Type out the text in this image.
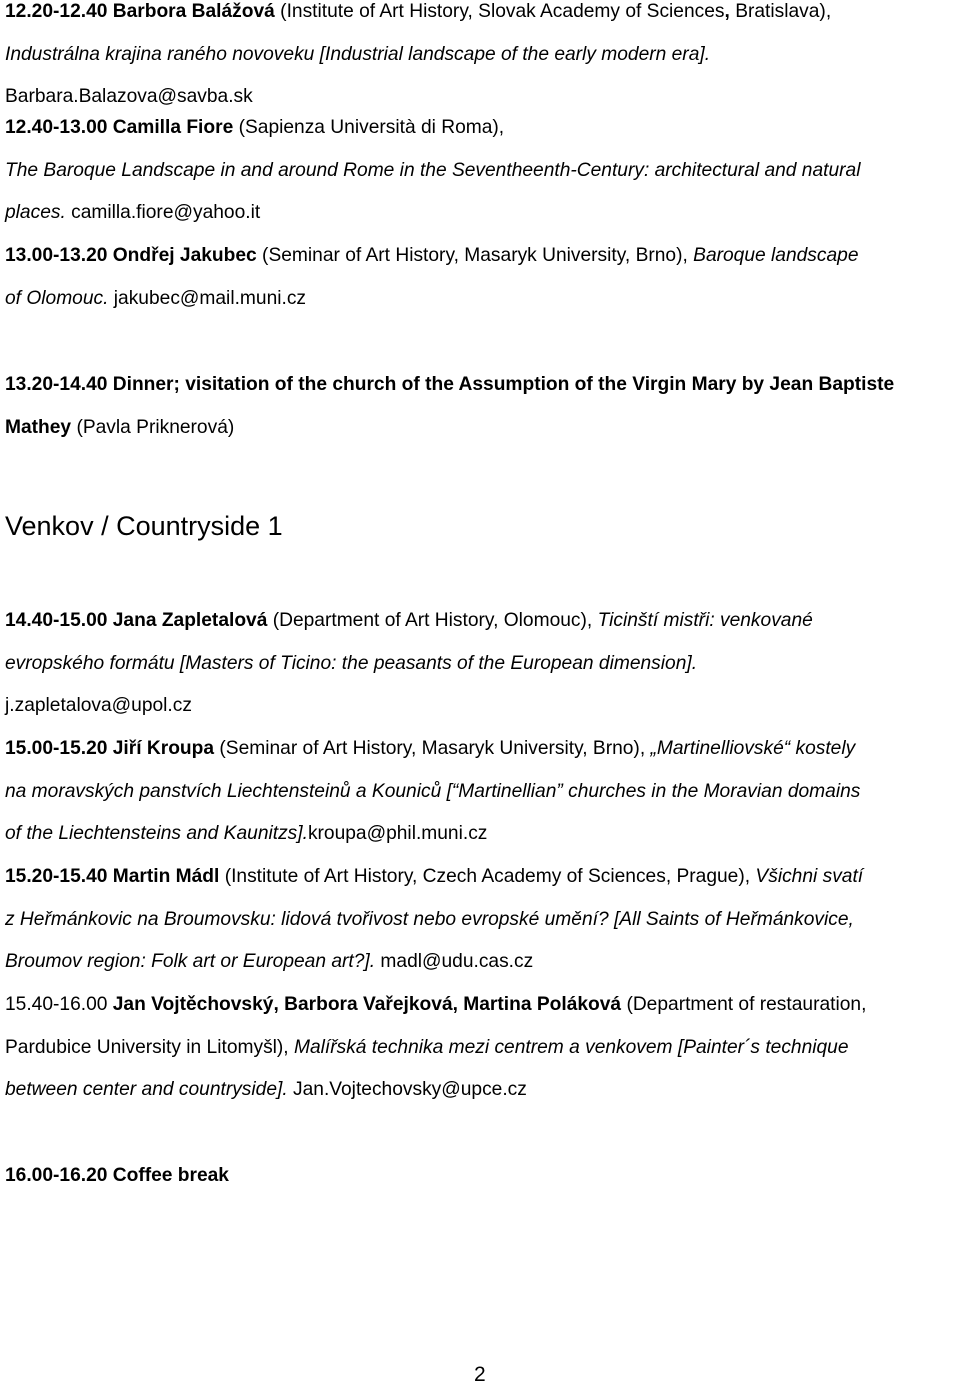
12.20-12.40 Barbora Balážová (Institute of Art History, Slovak Academy of Sciences, Bratislava),
Industrálna krajina raného novoveku [Industrial landscape of the early modern era].
Barbara.Balazova@savba.sk
12.40-13.00 Camilla Fiore (Sapienza Università di Roma),
The Baroque Landscape in and around Rome in the Seventheenth-Century: architectural and natural
places. camilla.fiore@yahoo.it
13.00-13.20 Ondřej Jakubec (Seminar of Art History, Masaryk University, Brno), Baroque landscape
of Olomouc. jakubec@mail.muni.cz
13.20-14.40 Dinner; visitation of the church of the Assumption of the Virgin Mary by Jean Baptiste
Mathey (Pavla Priknerová)
Venkov / Countryside 1
14.40-15.00 Jana Zapletalová (Department of Art History, Olomouc), Ticinští mistři: venkované
evropského formátu [Masters of Ticino: the peasants of the European dimension].
j.zapletalova@upol.cz
15.00-15.20 Jiří Kroupa (Seminar of Art History, Masaryk University, Brno), „Martinelliovské“ kostely
na moravských panstvích Liechtensteinů a Kouniců [“Martinellian” churches in the Moravian domains
of the Liechtensteins and Kaunitzs].kroupa@phil.muni.cz
15.20-15.40 Martin Mádl (Institute of Art History, Czech Academy of Sciences, Prague), Všichni svatí
z Heřmánkovic na Broumovsku: lidová tvořivost nebo evropské umění? [All Saints of Heřmánkovice,
Broumov region: Folk art or European art?]. madl@udu.cas.cz
15.40-16.00 Jan Vojtěchovský, Barbora Vařejková, Martina Poláková (Department of restauration,
Pardubice University in Litomyšl), Malířská technika mezi centrem a venkovem [Painter´s technique
between center and countryside]. Jan.Vojtechovsky@upce.cz
16.00-16.20 Coffee break
2
